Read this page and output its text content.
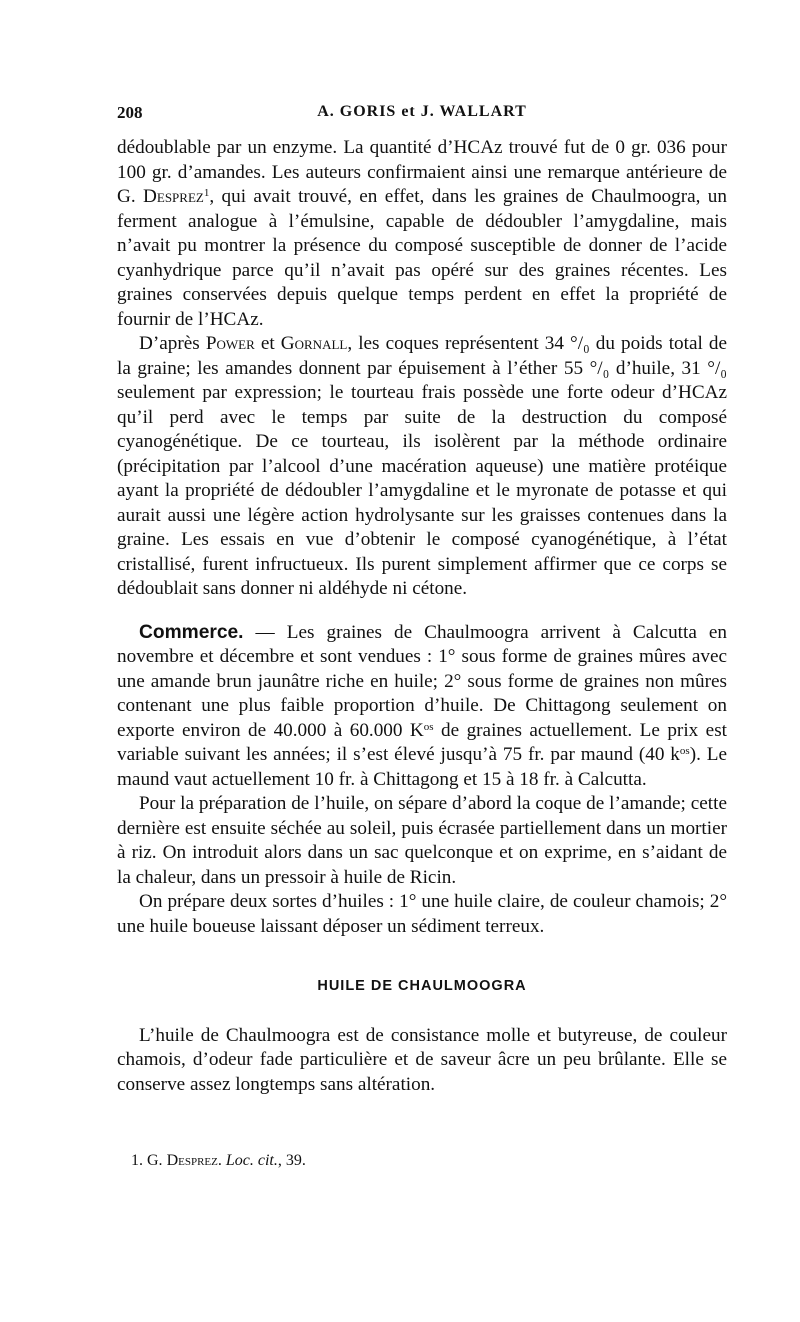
208	A. GORIS et J. WALLART

dédoublable par un enzyme. La quantité d’HCAz trouvé fut de 0 gr. 036 pour 100 gr. d’amandes. Les auteurs confirmaient ainsi une remarque antérieure de G. Desprez$^1$, qui avait trouvé, en effet, dans les graines de Chaulmoogra, un ferment analogue à l’émulsine, capable de dédoubler l’amygdaline, mais n’avait pu montrer la présence du composé susceptible de donner de l’acide cyanhydrique parce qu’il n’avait pas opéré sur des graines récentes. Les graines conservées depuis quelque temps perdent en effet la propriété de fournir de l’HCAz.

D’après Power et Gornall, les coques représentent 34 °/₀ du poids total de la graine; les amandes donnent par épuisement à l’éther 55 °/₀ d’huile, 31 °/₀ seulement par expression; le tourteau frais possède une forte odeur d’HCAz qu’il perd avec le temps par suite de la destruction du composé cyanogénétique. De ce tourteau, ils isolèrent par la méthode ordinaire (précipitation par l’alcool d’une macération aqueuse) une matière protéique ayant la propriété de dédoubler l’amygdaline et le myronate de potasse et qui aurait aussi une légère action hydrolysante sur les graisses contenues dans la graine. Les essais en vue d’obtenir le composé cyanogénétique, à l’état cristallisé, furent infructueux. Ils purent simplement affirmer que ce corps se dédoublait sans donner ni aldéhyde ni cétone.

Commerce. — Les graines de Chaulmoogra arrivent à Calcutta en novembre et décembre et sont vendues : 1° sous forme de graines mûres avec une amande brun jaunâtre riche en huile; 2° sous forme de graines non mûres contenant une plus faible proportion d’huile. De Chittagong seulement on exporte environ de 40.000 à 60.000 $K^{os}$ de graines actuellement. Le prix est variable suivant les années; il s’est élevé jusqu’à 75 fr. par maund (40 $k^{os}$). Le maund vaut actuellement 10 fr. à Chittagong et 15 à 18 fr. à Calcutta.

Pour la préparation de l’huile, on sépare d’abord la coque de l’amande; cette dernière est ensuite séchée au soleil, puis écrasée partiellement dans un mortier à riz. On introduit alors dans un sac quelconque et on exprime, en s’aidant de la chaleur, dans un pressoir à huile de Ricin.

On prépare deux sortes d’huiles : 1° une huile claire, de couleur chamois; 2° une huile boueuse laissant déposer un sédiment terreux.

HUILE DE CHAULMOOGRA

L’huile de Chaulmoogra est de consistance molle et butyreuse, de couleur chamois, d’odeur fade particulière et de saveur âcre un peu brûlante. Elle se conserve assez longtemps sans altération.

1. G. Desprez. Loc. cit., 39.
